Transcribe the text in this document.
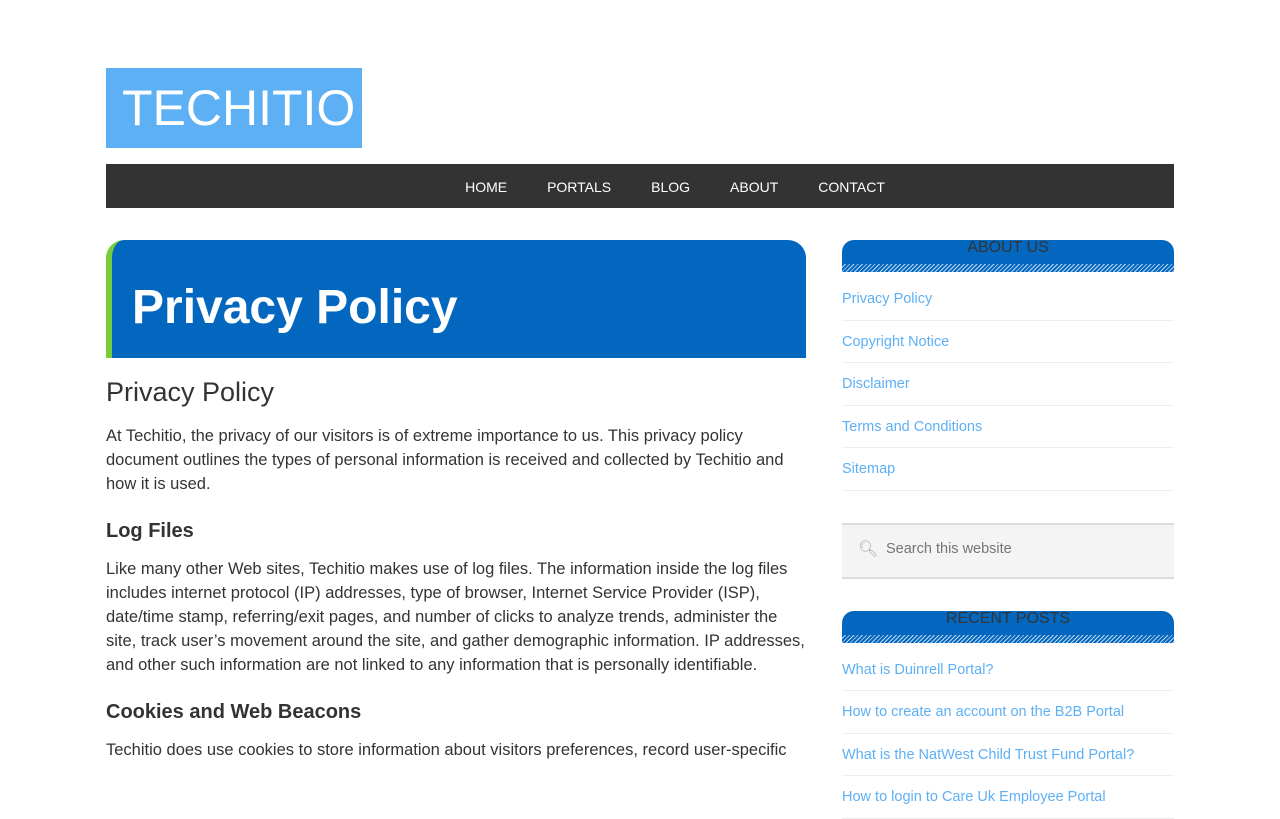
TECHITIO
HOME	PORTALS	BLOG	ABOUT	CONTACT
Privacy Policy
Privacy Policy

At Techitio, the privacy of our visitors is of extreme importance to us. This privacy policy document outlines the types of personal information is received and collected by Techitio and how it is used.

Log Files

Like many other Web sites, Techitio makes use of log files. The information inside the log files includes internet protocol (IP) addresses, type of browser, Internet Service Provider (ISP), date/time stamp, referring/exit pages, and number of clicks to analyze trends, administer the site, track user’s movement around the site, and gather demographic information. IP addresses, and other such information are not linked to any information that is personally identifiable.

Cookies and Web Beacons

Techitio does use cookies to store information about visitors preferences, record user-specific

ABOUT US
Privacy Policy
Copyright Notice
Disclaimer
Terms and Conditions
Sitemap
🔍︎
Search this website
RECENT POSTS
What is Duinrell Portal?
How to create an account on the B2B Portal
What is the NatWest Child Trust Fund Portal?
How to login to Care Uk Employee Portal
